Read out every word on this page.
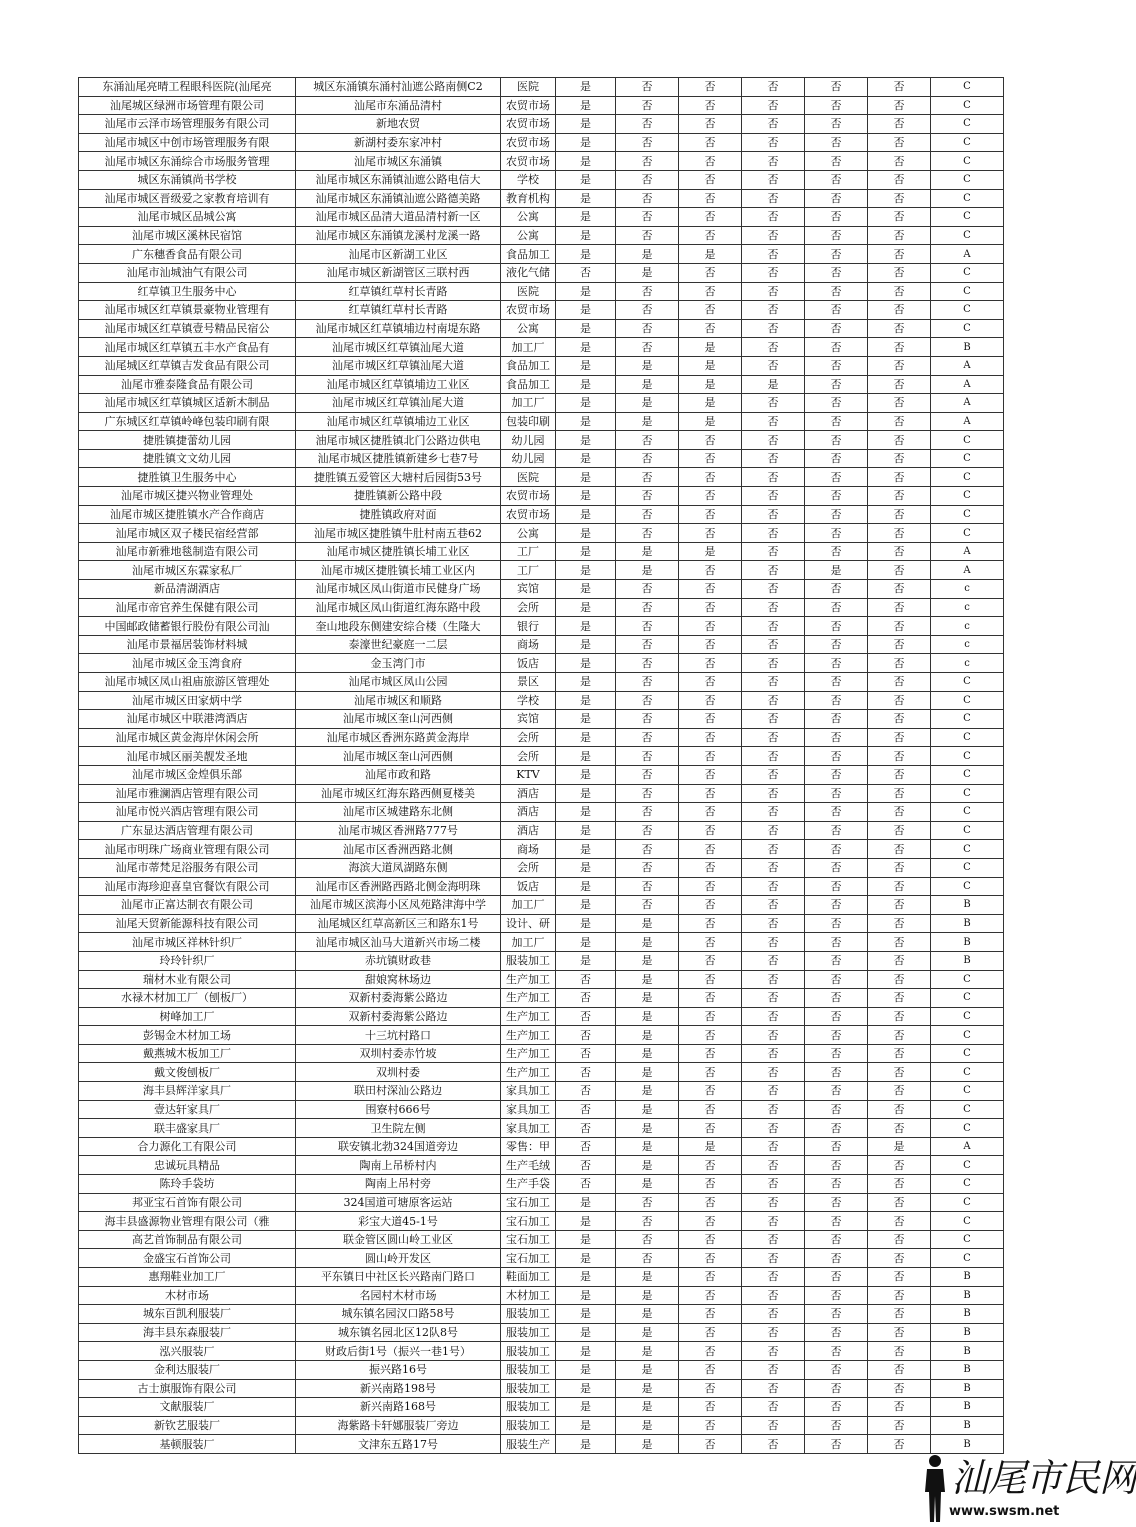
东涌汕尾亮晴工程眼科医院(汕尾亮	城区东涌镇东涌村汕遮公路南侧C2	医院	是	否	否	否	否	否	C
汕尾城区绿洲市场管理有限公司	汕尾市东涌品清村	农贸市场	是	否	否	否	否	否	C
汕尾市云泽市场管理服务有限公司	新地农贸	农贸市场	是	否	否	否	否	否	C
汕尾市城区中创市场管理服务有限	新湖村委东家冲村	农贸市场	是	否	否	否	否	否	C
汕尾市城区东涌综合市场服务管理	汕尾市城区东涌镇	农贸市场	是	否	否	否	否	否	C
城区东涌镇尚书学校	汕尾市城区东涌镇汕遮公路电信大	学校	是	否	否	否	否	否	C
汕尾市城区晋级爱之家教育培训有	汕尾市城区东涌镇汕遮公路德美路	教育机构	是	否	否	否	否	否	C
汕尾市城区品城公寓	汕尾市城区品清大道品清村新一区	公寓	是	否	否	否	否	否	C
汕尾市城区溪林民宿馆	汕尾市城区东涌镇龙溪村龙溪一路	公寓	是	否	否	否	否	否	C
广东穗香食品有限公司	汕尾市区新湖工业区	食品加工	是	是	是	否	否	否	A
汕尾市汕城油气有限公司	汕尾市城区新湖管区三联村西	液化气储	否	是	否	否	否	否	C
红草镇卫生服务中心	红草镇红草村长青路	医院	是	否	否	否	否	否	C
汕尾市城区红草镇景豪物业管理有	红草镇红草村长青路	农贸市场	是	否	否	否	否	否	C
汕尾市城区红草镇壹号精品民宿公	汕尾市城区红草镇埔边村南堤东路	公寓	是	否	否	否	否	否	C
汕尾市城区红草镇五丰水产食品有	汕尾市城区红草镇汕尾大道	加工厂	是	否	是	否	否	否	B
汕尾城区红草镇吉发食品有限公司	汕尾市城区红草镇汕尾大道	食品加工	是	是	是	否	否	否	A
汕尾市雅泰隆食品有限公司	汕尾市城区红草镇埔边工业区	食品加工	是	是	是	是	否	否	A
汕尾市城区红草镇城区适新木制品	汕尾市城区红草镇汕尾大道	加工厂	是	是	是	否	否	否	A
广东城区红草镇岭峰包装印刷有限	汕尾市城区红草镇埔边工业区	包装印刷	是	是	是	否	否	否	A
捷胜镇捷蕾幼儿园	油尾市城区捷胜镇北门公路边供电	幼儿园	是	否	否	否	否	否	C
捷胜镇文文幼儿园	汕尾市城区捷胜镇新建乡七巷7号	幼儿园	是	否	否	否	否	否	C
捷胜镇卫生服务中心	捷胜镇五爱管区大塘村后园街53号	医院	是	否	否	否	否	否	C
汕尾市城区捷兴物业管理处	捷胜镇新公路中段	农贸市场	是	否	否	否	否	否	C
汕尾市城区捷胜镇水产合作商店	捷胜镇政府对面	农贸市场	是	否	否	否	否	否	C
汕尾市城区双子楼民宿经营部	汕尾市城区捷胜镇牛肚村南五巷62	公寓	是	否	否	否	否	否	C
汕尾市新雅地毯制造有限公司	汕尾市城区捷胜镇长埔工业区	工厂	是	是	是	否	否	否	A
汕尾市城区东霖家私厂	汕尾市城区捷胜镇长埔工业区内	工厂	是	是	否	否	是	否	A
新品清湖酒店	汕尾市城区凤山街道市民健身广场	宾馆	是	否	否	否	否	否	c
汕尾市帝官养生保健有限公司	汕尾市城区凤山街道红海东路中段	会所	是	否	否	否	否	否	c
中国邮政储蓄银行股份有限公司汕	奎山地段东侧建安综合楼（生隆大	银行	是	否	否	否	否	否	c
汕尾市景福居装饰材料城	泰濠世纪豪庭一二层	商场	是	否	否	否	否	否	c
汕尾市城区金玉湾食府	金玉湾门市	饭店	是	否	否	否	否	否	c
汕尾市城区凤山祖庙旅游区管理处	汕尾市城区凤山公园	景区	是	否	否	否	否	否	C
汕尾市城区田家炳中学	汕尾市城区和顺路	学校	是	否	否	否	否	否	C
汕尾市城区中联港湾酒店	汕尾市城区奎山河西侧	宾馆	是	否	否	否	否	否	C
汕尾市城区黄金海岸休闲会所	汕尾市城区香洲东路黄金海岸	会所	是	否	否	否	否	否	C
汕尾市城区丽美靓发圣地	汕尾市城区奎山河西侧	会所	是	否	否	否	否	否	C
汕尾市城区金煌俱乐部	汕尾市政和路	KTV	是	否	否	否	否	否	C
汕尾市雅澜酒店管理有限公司	汕尾市城区红海东路西侧夏楼美	酒店	是	否	否	否	否	否	C
汕尾市悦兴酒店管理有限公司	汕尾市区城建路东北侧	酒店	是	否	否	否	否	否	C
广东显达酒店管理有限公司	汕尾市城区香洲路777号	酒店	是	否	否	否	否	否	C
汕尾市明珠广场商业管理有限公司	汕尾市区香洲西路北侧	商场	是	否	否	否	否	否	C
汕尾市蒂梵足浴服务有限公司	海滨大道凤湖路东侧	会所	是	否	否	否	否	否	C
汕尾市海珍迎喜皇官餐饮有限公司	汕尾市区香洲路西路北侧金海明珠	饭店	是	否	否	否	否	否	C
汕尾市正富达制衣有限公司	汕尾市城区滨海小区凤苑路津海中学	加工厂	是	否	否	否	否	否	B
汕尾天贸新能源科技有限公司	汕尾城区红草高新区三和路东1号	设计、研	是	是	否	否	否	否	B
汕尾市城区祥林针织厂	汕尾市城区汕马大道新兴市场二楼	加工厂	是	是	否	否	否	否	B
玲玲针织厂	赤坑镇财政巷	服装加工	是	是	否	否	否	否	B
瑞材木业有限公司	甜娘窝林场边	生产加工	否	是	否	否	否	否	C
水禄木材加工厂（刨板厂）	双新村委海紫公路边	生产加工	否	是	否	否	否	否	C
树峰加工厂	双新村委海紫公路边	生产加工	否	是	否	否	否	否	C
彭锡金木材加工场	十三坑村路口	生产加工	否	是	否	否	否	否	C
戴燕城木板加工厂	双圳村委赤竹坡	生产加工	否	是	否	否	否	否	C
戴文俊刨板厂	双圳村委	生产加工	否	是	否	否	否	否	C
海丰县辉洋家具厂	联田村深汕公路边	家具加工	否	是	否	否	否	否	C
壹达轩家具厂	围寮村666号	家具加工	否	是	否	否	否	否	C
联丰盛家具厂	卫生院左侧	家具加工	否	是	否	否	否	否	C
合力源化工有限公司	联安镇北勃324国道旁边	零售：甲	否	是	是	否	否	是	A
忠诚玩具精品	陶南上吊桥村内	生产毛绒	否	是	否	否	否	否	C
陈玲手袋坊	陶南上吊村旁	生产手袋	否	是	否	否	否	否	C
邦亚宝石首饰有限公司	324国道可塘原客运站	宝石加工	是	否	否	否	否	否	C
海丰县盛源物业管理有限公司（雅	彩宝大道45-1号	宝石加工	是	否	否	否	否	否	C
高艺首饰制品有限公司	联金管区圆山岭工业区	宝石加工	是	否	否	否	否	否	C
金盛宝石首饰公司	圆山岭开发区	宝石加工	是	否	否	否	否	否	C
惠翔鞋业加工厂	平东镇日中社区长兴路南门路口	鞋面加工	是	是	否	否	否	否	B
木材市场	名园村木材市场	木材加工	是	是	否	否	否	否	B
城东百凯利服装厂	城东镇名园汉口路58号	服装加工	是	是	否	否	否	否	B
海丰县东森服装厂	城东镇名园北区12队8号	服装加工	是	是	否	否	否	否	B
泓兴服装厂	财政后街1号（振兴一巷1号）	服装加工	是	是	否	否	否	否	B
金利达服装厂	振兴路16号	服装加工	是	是	否	否	否	否	B
古士旗服饰有限公司	新兴南路198号	服装加工	是	是	否	否	否	否	B
文献服装厂	新兴南路168号	服装加工	是	是	否	否	否	否	B
新钦艺服装厂	海紫路卡轩娜服装厂旁边	服装加工	是	是	否	否	否	否	B
基顿服装厂	文津东五路17号	服装生产	是	是	否	否	否	否	B
汕尾市民网
www.swsm.net
